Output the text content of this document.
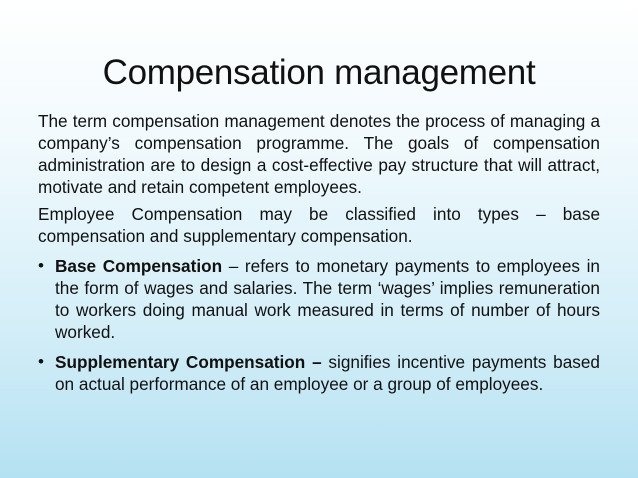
Compensation management

The term compensation management denotes the process of managing a company’s compensation programme. The goals of compensation administration are to design a cost-effective pay structure that will attract, motivate and retain competent employees.

Employee Compensation may be classified into types – base compensation and supplementary compensation.

• Base Compensation – refers to monetary payments to employees in the form of wages and salaries. The term ‘wages’ implies remuneration to workers doing manual work measured in terms of number of hours worked.
• Supplementary Compensation – signifies incentive payments based on actual performance of an employee or a group of employees.
